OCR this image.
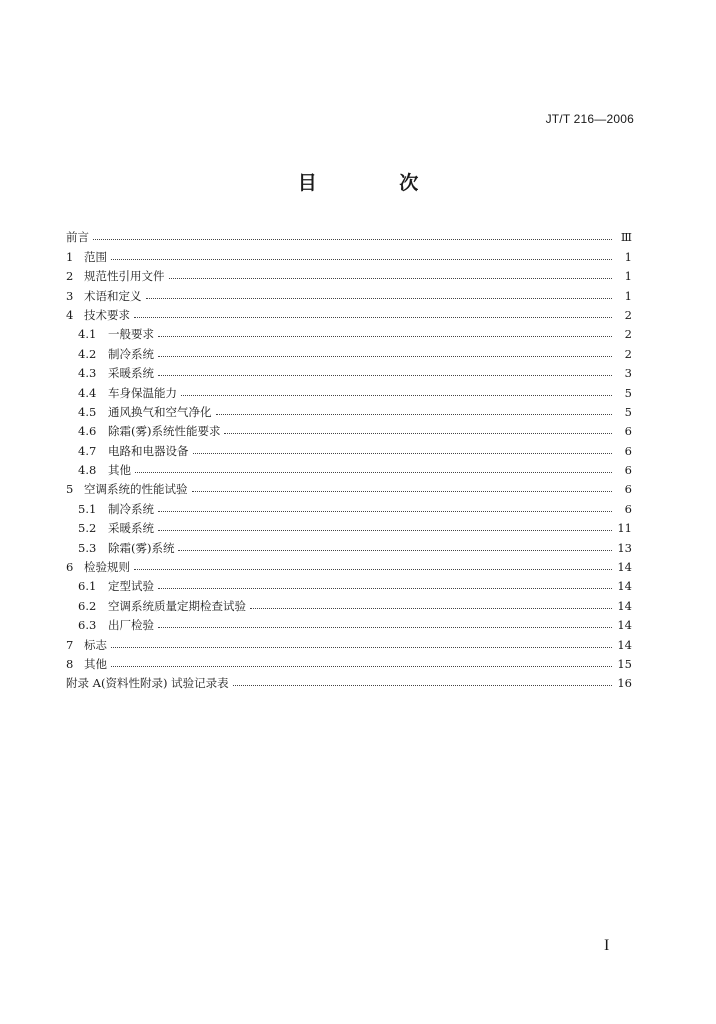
JT/T 216—2006
目 次
前言	Ⅲ
1 范围	1
2 规范性引用文件	1
3 术语和定义	1
4 技术要求	2
4.1	一般要求	2
4.2	制冷系统	2
4.3	采暖系统	3
4.4	车身保温能力	5
4.5	通风换气和空气净化	5
4.6	除霜(雾)系统性能要求	6
4.7	电路和电器设备	6
4.8	其他	6
5 空调系统的性能试验	6
5.1	制冷系统	6
5.2	采暖系统	11
5.3	除霜(雾)系统	13
6 检验规则	14
6.1	定型试验	14
6.2	空调系统质量定期检查试验	14
6.3	出厂检验	14
7 标志	14
8 其他	15
附录 A(资料性附录) 试验记录表	16
I
